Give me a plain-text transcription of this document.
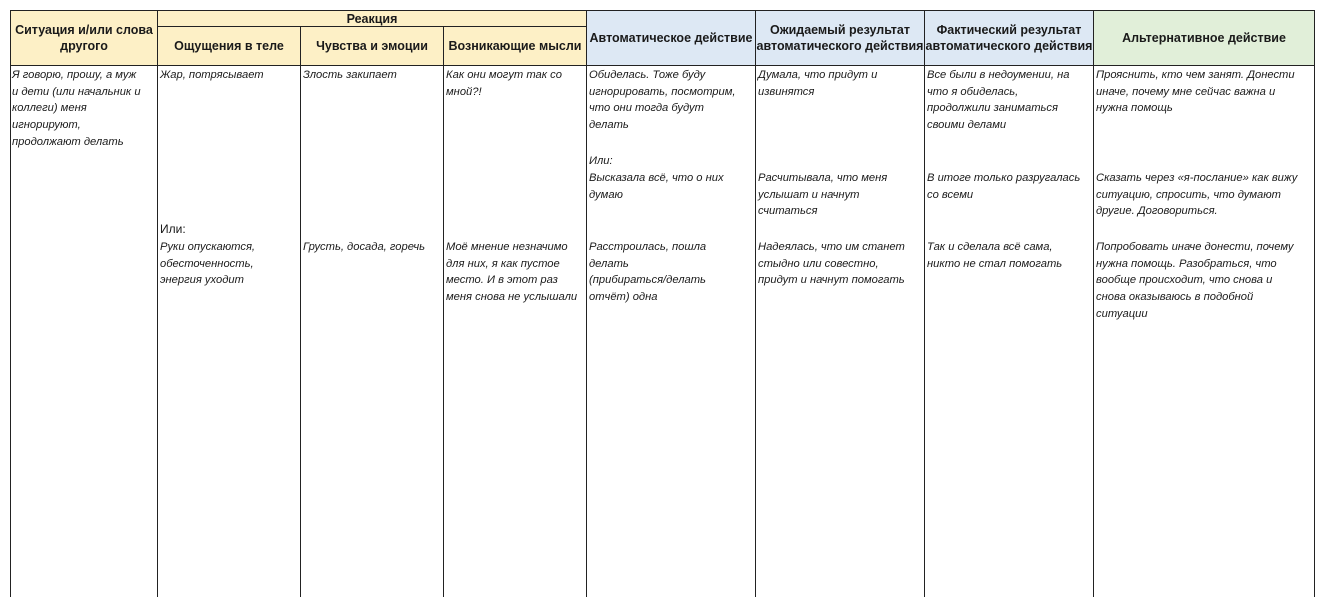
Ситуация и/или слова другого
Реакция
Ощущения в теле	Чувства и эмоции Возникающие мысли
Автоматическое действие
Ожидаемый результат автоматического действия
Фактический результат автоматического действия
Альтернативное действие
Я говорю, прошу, а муж
и дети (или начальник и
коллеги) меня
игнорируют,
продолжают делать
Жар, потрясывает
Или:
Руки опускаются,
обесточенность,
энергия уходит
Злость закипает
Грусть, досада, горечь
Как они могут так со
мной?!
Моё мнение незначимо
для них, я как пустое
место. И в этот раз
меня снова не услышали
Обиделась. Тоже буду
игнорировать, посмотрим,
что они тогда будут
делать
Или:
Высказала всё, что о них
думаю
Расстроилась, пошла
делать
(прибираться/делать
отчёт) одна
Думала, что придут и
извинятся
Расчитывала, что меня
услышат и начнут
считаться
Надеялась, что им станет
стыдно или совестно,
придут и начнут помогать
Все были в недоумении, на
что я обиделась,
продолжили заниматься
своими делами
В итоге только разругалась
со всеми
Так и сделала всё сама,
никто не стал помогать
Прояснить, кто чем занят. Донести
иначе, почему мне сейчас важна и
нужна помощь
Сказать через «я-послание» как вижу
ситуацию, спросить, что думают
другие. Договориться.
Попробовать иначе донести, почему
нужна помощь. Разобраться, что
вообще происходит, что снова и
снова оказываюсь в подобной
ситуации
